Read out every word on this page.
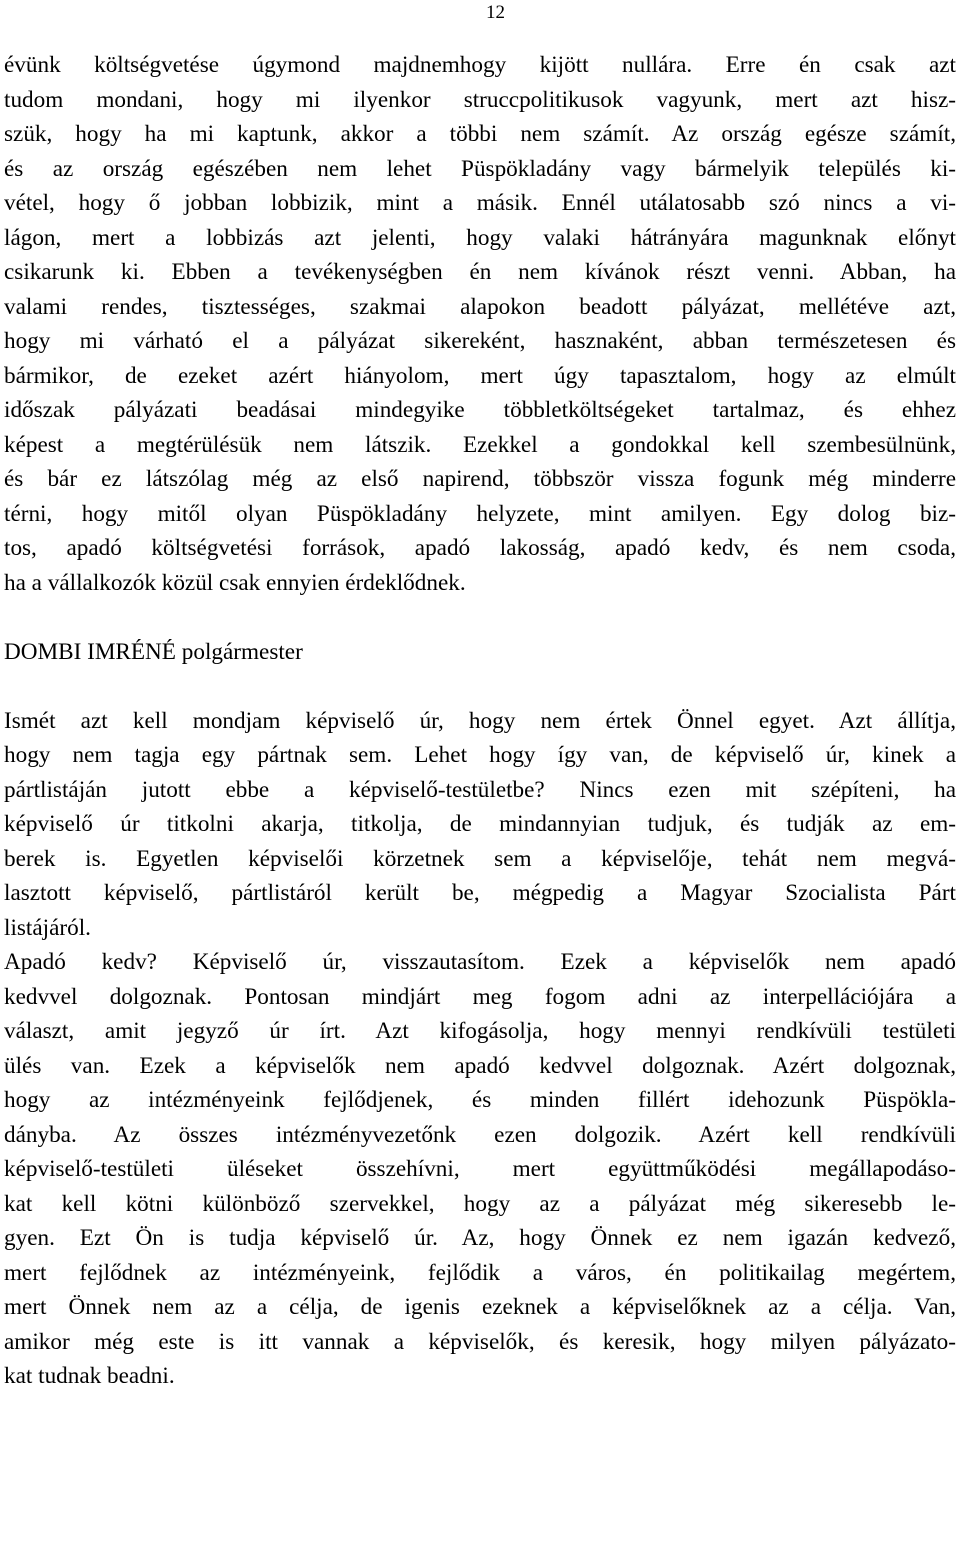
12
évünk költségvetése úgymond majdnemhogy kijött nullára. Erre én csak azt
tudom mondani, hogy mi ilyenkor struccpolitikusok vagyunk, mert azt hisz-
szük, hogy ha mi kaptunk, akkor a többi nem számít. Az ország egésze számít,
és az ország egészében nem lehet Püspökladány vagy bármelyik település ki-
vétel, hogy ő jobban lobbizik, mint a másik. Ennél utálatosabb szó nincs a vi-
lágon, mert a lobbizás azt jelenti, hogy valaki hátrányára magunknak előnyt
csikarunk ki. Ebben a tevékenységben én nem kívánok részt venni. Abban, ha
valami rendes, tisztességes, szakmai alapokon beadott pályázat, mellétéve azt,
hogy mi várható el a pályázat sikereként, hasznaként, abban természetesen és
bármikor, de ezeket azért hiányolom, mert úgy tapasztalom, hogy az elmúlt
időszak pályázati beadásai mindegyike többletköltségeket tartalmaz, és ehhez
képest a megtérülésük nem látszik. Ezekkel a gondokkal kell szembesülnünk,
és bár ez látszólag még az első napirend, többször vissza fogunk még minderre
térni, hogy mitől olyan Püspökladány helyzete, mint amilyen. Egy dolog biz-
tos, apadó költségvetési források, apadó lakosság, apadó kedv, és nem csoda,
ha a vállalkozók közül csak ennyien érdeklődnek.
DOMBI IMRÉNÉ polgármester
Ismét azt kell mondjam képviselő úr, hogy nem értek Önnel egyet. Azt állítja,
hogy nem tagja egy pártnak sem. Lehet hogy így van, de képviselő úr, kinek a
pártlistáján jutott ebbe a képviselő-testületbe? Nincs ezen mit szépíteni, ha
képviselő úr titkolni akarja, titkolja, de mindannyian tudjuk, és tudják az em-
berek is. Egyetlen képviselői körzetnek sem a képviselője, tehát nem megvá-
lasztott képviselő, pártlistáról került be, mégpedig a Magyar Szocialista Párt
listájáról.
Apadó kedv? Képviselő úr, visszautasítom. Ezek a képviselők nem apadó
kedvvel dolgoznak. Pontosan mindjárt meg fogom adni az interpellációjára a
választ, amit jegyző úr írt. Azt kifogásolja, hogy mennyi rendkívüli testületi
ülés van. Ezek a képviselők nem apadó kedvvel dolgoznak. Azért dolgoznak,
hogy az intézményeink fejlődjenek, és minden fillért idehozunk Püspökla-
dányba. Az összes intézményvezetőnk ezen dolgozik. Azért kell rendkívüli
képviselő-testületi üléseket összehívni, mert együttműködési megállapodáso-
kat kell kötni különböző szervekkel, hogy az a pályázat még sikeresebb le-
gyen. Ezt Ön is tudja képviselő úr. Az, hogy Önnek ez nem igazán kedvező,
mert fejlődnek az intézményeink, fejlődik a város, én politikailag megértem,
mert Önnek nem az a célja, de igenis ezeknek a képviselőknek az a célja. Van,
amikor még este is itt vannak a képviselők, és keresik, hogy milyen pályázato-
kat tudnak beadni.
